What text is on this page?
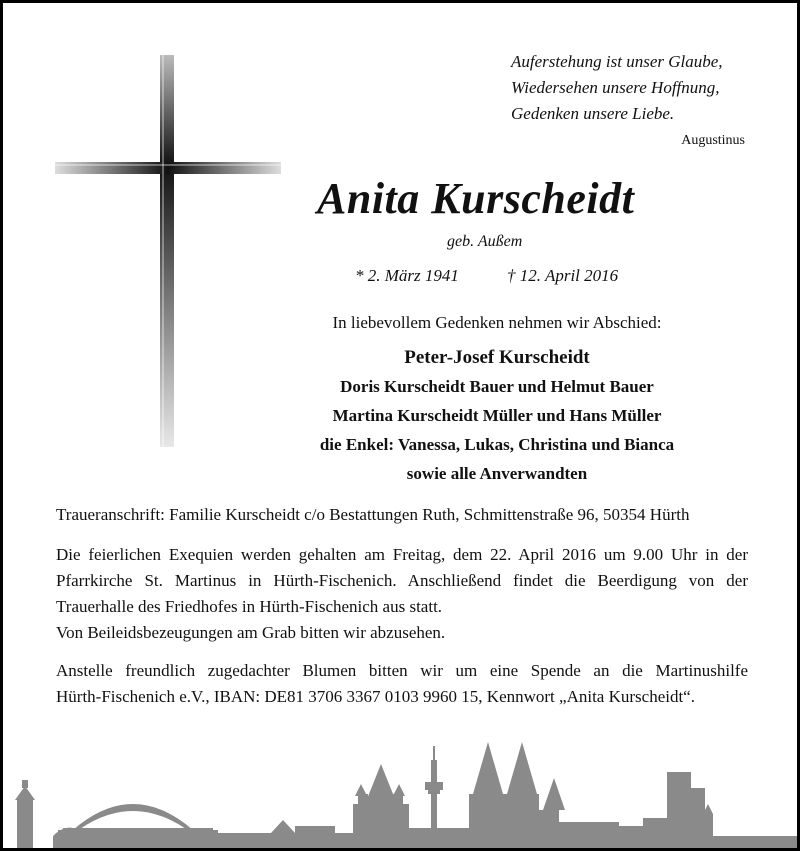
Auferstehung ist unser Glaube,
Wiedersehen unsere Hoffnung,
Gedenken unsere Liebe.
Augustinus
Anita Kurscheidt
geb. Außem
* 2. März 1941	† 12. April 2016
In liebevollem Gedenken nehmen wir Abschied:
Peter-Josef Kurscheidt
Doris Kurscheidt Bauer und Helmut Bauer
Martina Kurscheidt Müller und Hans Müller
die Enkel: Vanessa, Lukas, Christina und Bianca
sowie alle Anverwandten
Traueranschrift: Familie Kurscheidt c/o Bestattungen Ruth, Schmittenstraße 96, 50354 Hürth
Die feierlichen Exequien werden gehalten am Freitag, dem 22. April 2016 um 9.00 Uhr in der
Pfarrkirche St. Martinus in Hürth-Fischenich. Anschließend findet die Beerdigung von der
Trauerhalle des Friedhofes in Hürth-Fischenich aus statt.
Von Beileidsbezeugungen am Grab bitten wir abzusehen.
Anstelle freundlich zugedachter Blumen bitten wir um eine Spende an die Martinushilfe
Hürth-Fischenich e.V., IBAN: DE81 3706 3367 0103 9960 15, Kennwort „Anita Kurscheidt“.
